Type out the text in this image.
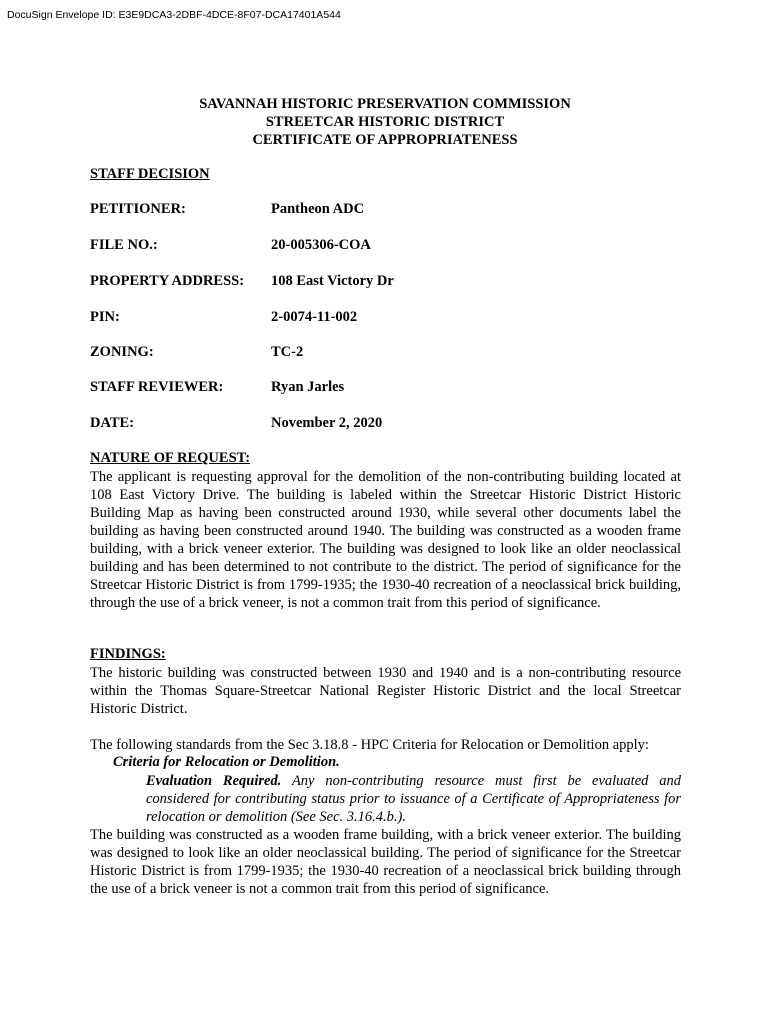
DocuSign Envelope ID: E3E9DCA3-2DBF-4DCE-8F07-DCA17401A544
SAVANNAH HISTORIC PRESERVATION COMMISSION
STREETCAR HISTORIC DISTRICT
CERTIFICATE OF APPROPRIATENESS
STAFF DECISION
PETITIONER:	Pantheon ADC
FILE NO.:	20-005306-COA
PROPERTY ADDRESS: 108 East Victory Dr
PIN:	2-0074-11-002
ZONING:	TC-2
STAFF REVIEWER:	Ryan Jarles
DATE:	November 2, 2020
NATURE OF REQUEST:
The applicant is requesting approval for the demolition of the non-contributing building located at 108 East Victory Drive. The building is labeled within the Streetcar Historic District Historic Building Map as having been constructed around 1930, while several other documents label the building as having been constructed around 1940. The building was constructed as a wooden frame building, with a brick veneer exterior. The building was designed to look like an older neoclassical building and has been determined to not contribute to the district. The period of significance for the Streetcar Historic District is from 1799-1935; the 1930-40 recreation of a neoclassical brick building, through the use of a brick veneer, is not a common trait from this period of significance.
FINDINGS:
The historic building was constructed between 1930 and 1940 and is a non-contributing resource within the Thomas Square-Streetcar National Register Historic District and the local Streetcar Historic District.
The following standards from the Sec 3.18.8 - HPC Criteria for Relocation or Demolition apply:
Criteria for Relocation or Demolition.
Evaluation Required. Any non-contributing resource must first be evaluated and considered for contributing status prior to issuance of a Certificate of Appropriateness for relocation or demolition (See Sec. 3.16.4.b.).
The building was constructed as a wooden frame building, with a brick veneer exterior. The building was designed to look like an older neoclassical building. The period of significance for the Streetcar Historic District is from 1799-1935; the 1930-40 recreation of a neoclassical brick building through the use of a brick veneer is not a common trait from this period of significance.
